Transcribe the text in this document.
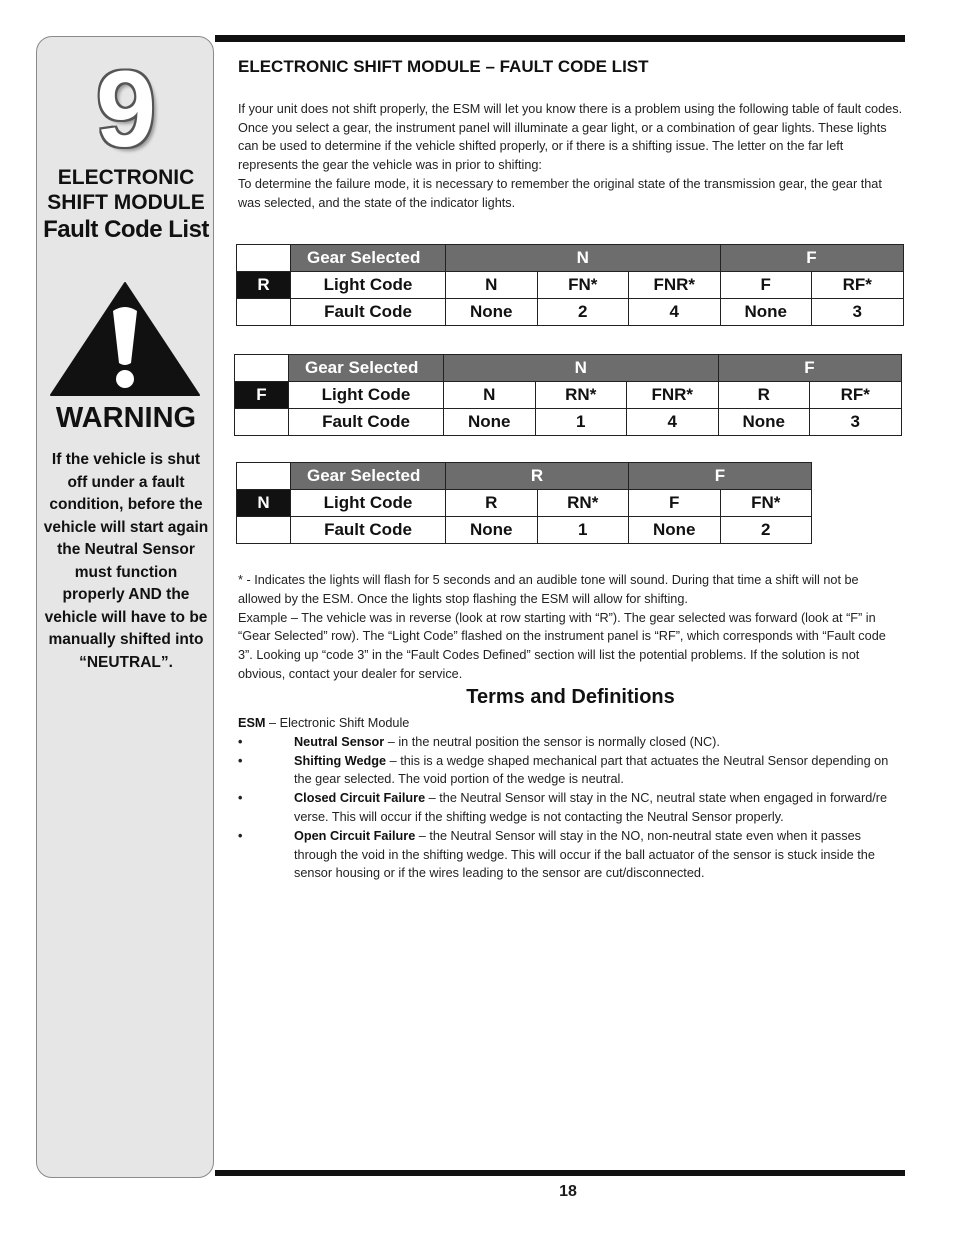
9
ELECTRONIC
SHIFT MODULE
Fault Code List
WARNING
If the vehicle is shut off under a fault condition, before the vehicle will start again the Neutral Sensor must function properly AND the vehicle will have to be manually shifted into “NEUTRAL”.
ELECTRONIC SHIFT MODULE – FAULT CODE LIST

If your unit does not shift properly, the ESM will let you know there is a problem using the following table of fault codes. Once you select a gear, the instrument panel will illuminate a gear light, or a combination of gear lights. These lights can be used to determine if the vehicle shifted properly, or if there is a shifting issue. The letter on the far left represents the gear the vehicle was in prior to shifting:

To determine the failure mode, it is necessary to remember the original state of the transmission gear, the gear that was selected, and the state of the indicator lights.

	Gear Selected	N			F	
R	Light Code	N	FN*	FNR*	F	RF*
	Fault Code	None	2	4	None	3
	Gear Selected	N			F	
F	Light Code	N	RN*	FNR*	R	RF*
	Fault Code	None	1	4	None	3
	Gear Selected	R		F	
N	Light Code	R	RN*	F	FN*
	Fault Code	None	1	None	2

* - Indicates the lights will flash for 5 seconds and an audible tone will sound. During that time a shift will not be allowed by the ESM. Once the lights stop flashing the ESM will allow for shifting.

Example – The vehicle was in reverse (look at row starting with “R”). The gear selected was forward (look at “F” in “Gear Selected” row). The “Light Code” flashed on the instrument panel is “RF”, which corresponds with “Fault code 3”. Looking up “code 3” in the “Fault Codes Defined” section will list the potential problems. If the solution is not obvious, contact your dealer for service.

Terms and Definitions

ESM – Electronic Shift Module

•	Neutral Sensor – in the neutral position the sensor is normally closed (NC).

•	Shifting Wedge – this is a wedge shaped mechanical part that actuates the Neutral Sensor depending on the gear selected. The void portion of the wedge is neutral.

•	Closed Circuit Failure – the Neutral Sensor will stay in the NC, neutral state when engaged in forward/re verse. This will occur if the shifting wedge is not contacting the Neutral Sensor properly.

•	Open Circuit Failure – the Neutral Sensor will stay in the NO, non-neutral state even when it passes through the void in the shifting wedge. This will occur if the ball actuator of the sensor is stuck inside the sensor housing or if the wires leading to the sensor are cut/disconnected.

18
